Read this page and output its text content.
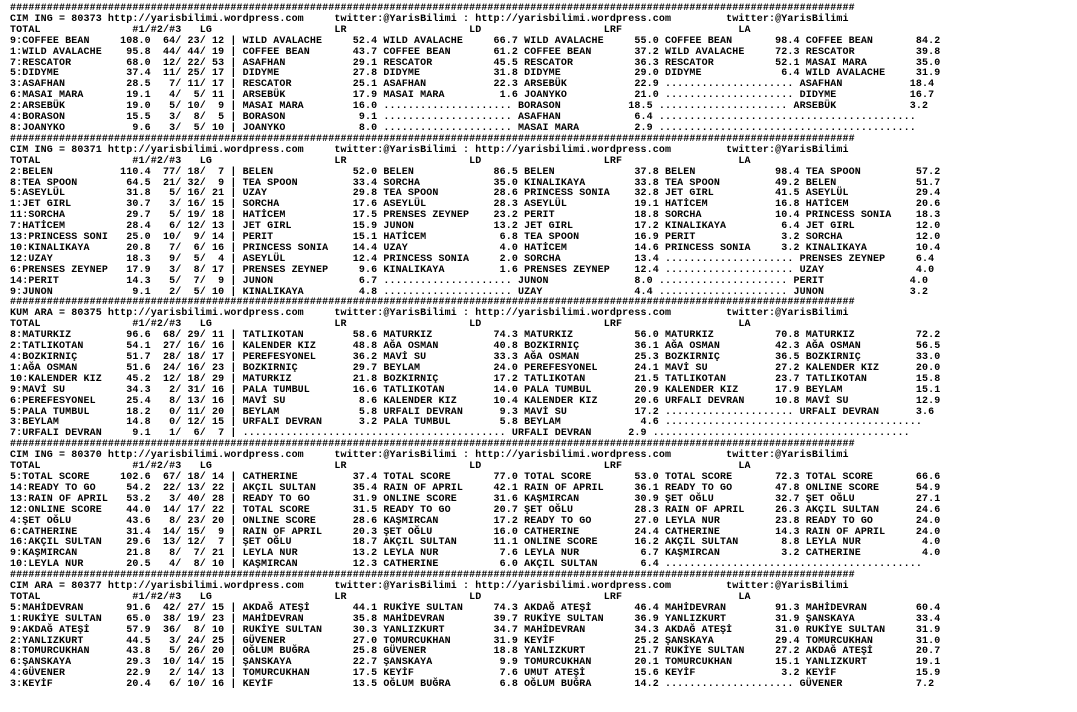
##########################################################################################################################################
CIM ING = 80373 http://yarisbilimi.wordpress.com     twitter:@YarisBilimi : http://yarisbilimi.wordpress.com         twitter:@YarisBilimi
TOTAL               #1/#2/#3   LG                    LR                    LD                    LRF                   LA
9:COFFEE BEAN     108.0  64/ 23/ 12 | WILD AVALACHE     52.4 WILD AVALACHE     66.7 WILD AVALACHE     55.0 COFFEE BEAN       98.4 COFFEE BEAN       84.2
1:WILD AVALACHE    95.8  44/ 44/ 19 | COFFEE BEAN       43.7 COFFEE BEAN       61.2 COFFEE BEAN       37.2 WILD AVALACHE     72.3 RESCATOR          39.8
7:RESCATOR         68.0  12/ 22/ 53 | ASAFHAN           29.1 RESCATOR          45.5 RESCATOR          36.3 RESCATOR          52.1 MASAI MARA        35.0
5:DIDYME           37.4  11/ 25/ 17 | DIDYME            27.8 DIDYME            31.8 DIDYME            29.0 DIDYME             6.4 WILD AVALACHE     31.9
3:ASAFHAN          28.5   7/ 11/ 17 | RESCATOR          25.1 ASAFHAN           22.3 ARSEBÜK           22.9 ..................... ASAFHAN           18.4
6:MASAI MARA       19.1   4/  5/ 11 | ARSEBÜK           17.9 MASAI MARA         1.6 JOANYKO           21.0 ..................... DIDYME            16.7
2:ARSEBÜK          19.0   5/ 10/  9 | MASAI MARA        16.0 ..................... BORASON           18.5 ..................... ARSEBÜK            3.2
4:BORASON          15.5   3/  8/  5 | BORASON            9.1 ..................... ASAFHAN            6.4 ..........................................
8:JOANYKO           9.6   3/  5/ 10 | JOANYKO            8.0 ..................... MASAI MARA         2.9 ..........................................
##########################################################################################################################################
CIM ING = 80371 http://yarisbilimi.wordpress.com     twitter:@YarisBilimi : http://yarisbilimi.wordpress.com         twitter:@YarisBilimi
TOTAL               #1/#2/#3   LG                    LR                    LD                    LRF                   LA
2:BELEN           110.4  77/ 18/  7 | BELEN             52.0 BELEN             86.5 BELEN             37.8 BELEN             98.4 TEA SPOON         57.2
8:TEA SPOON        64.5  21/ 32/  9 | TEA SPOON         33.4 SORCHA            35.0 KINALIKAYA        33.8 TEA SPOON         49.2 BELEN             51.7
5:ASEYLÜL          31.8   5/ 16/ 21 | UZAY              29.8 TEA SPOON         28.6 PRINCESS SONIA    32.8 JET GIRL          41.5 ASEYLÜL           29.4
1:JET GIRL         30.7   3/ 16/ 15 | SORCHA            17.6 ASEYLÜL           28.3 ASEYLÜL           19.1 HATİCEM           16.8 HATİCEM           20.6
11:SORCHA          29.7   5/ 19/ 18 | HATİCEM           17.5 PRENSES ZEYNEP    23.2 PERIT             18.8 SORCHA            10.4 PRINCESS SONIA    18.3
7:HATİCEM          28.4   6/ 12/ 13 | JET GIRL          15.9 JUNON             13.2 JET GIRL          17.2 KINALIKAYA         6.4 JET GIRL          12.0
13:PRINCESS SONI   25.0  10/  9/ 14 | PERIT             15.1 HATİCEM            6.8 TEA SPOON         16.9 PERIT              3.2 SORCHA            12.0
10:KINALIKAYA      20.8   7/  6/ 16 | PRINCESS SONIA    14.4 UZAY               4.0 HATİCEM           14.6 PRINCESS SONIA     3.2 KINALIKAYA        10.4
12:UZAY            18.3   9/  5/  4 | ASEYLÜL           12.4 PRINCESS SONIA     2.0 SORCHA            13.4 ..................... PRENSES ZEYNEP     6.4
6:PRENSES ZEYNEP   17.9   3/  8/ 17 | PRENSES ZEYNEP     9.6 KINALIKAYA         1.6 PRENSES ZEYNEP    12.4 ..................... UZAY               4.0
14:PERIT           14.3   5/  7/  9 | JUNON              6.7 ..................... JUNON              8.0 ..................... PERIT              4.0
9:JUNON             9.1   2/  5/ 10 | KINALIKAYA         4.8 ..................... UZAY               4.4 ..................... JUNON              3.2
##########################################################################################################################################
KUM ARA = 80375 http://yarisbilimi.wordpress.com     twitter:@YarisBilimi : http://yarisbilimi.wordpress.com         twitter:@YarisBilimi
TOTAL               #1/#2/#3   LG                    LR                    LD                    LRF                   LA
8:MATURKIZ         96.6  68/ 29/ 11 | TATLIKOTAN        58.6 MATURKIZ          74.3 MATURKIZ          56.0 MATURKIZ          70.8 MATURKIZ          72.2
2:TATLIKOTAN       54.1  27/ 16/ 16 | KALENDER KIZ      48.8 AĞA OSMAN         40.8 BOZKIRNIÇ         36.1 AĞA OSMAN         42.3 AĞA OSMAN         56.5
4:BOZKIRNIÇ        51.7  28/ 18/ 17 | PEREFESYONEL      36.2 MAVİ SU           33.3 AĞA OSMAN         25.3 BOZKIRNIÇ         36.5 BOZKIRNIÇ         33.0
1:AĞA OSMAN        51.6  24/ 16/ 23 | BOZKIRNIÇ         29.7 BEYLAM            24.0 PEREFESYONEL      24.1 MAVİ SU           27.2 KALENDER KIZ      20.0
10:KALENDER KIZ    45.2  12/ 18/ 29 | MATURKIZ          21.8 BOZKIRNIÇ         17.2 TATLIKOTAN        21.5 TATLIKOTAN        23.7 TATLIKOTAN        15.8
9:MAVİ SU          34.3   2/ 31/ 16 | PALA TUMBUL       16.6 TATLIKOTAN        14.0 PALA TUMBUL       20.9 KALENDER KIZ      17.9 BEYLAM            15.1
6:PEREFESYONEL     25.4   8/ 13/ 16 | MAVİ SU            8.6 KALENDER KIZ      10.4 KALENDER KIZ      20.6 URFALI DEVRAN     10.8 MAVİ SU           12.9
5:PALA TUMBUL      18.2   0/ 11/ 20 | BEYLAM             5.8 URFALI DEVRAN      9.3 MAVİ SU           17.2 ..................... URFALI DEVRAN      3.6
3:BEYLAM           14.8   0/ 12/ 15 | URFALI DEVRAN      3.2 PALA TUMBUL        5.8 BEYLAM             4.6 ..........................................
7:URFALI DEVRAN     9.1   1/  6/  7 | ........................................... URFALI DEVRAN      2.9 ..........................................
##########################################################################################################################################
CIM ING = 80370 http://yarisbilimi.wordpress.com     twitter:@YarisBilimi : http://yarisbilimi.wordpress.com         twitter:@YarisBilimi
TOTAL               #1/#2/#3   LG                    LR                    LD                    LRF                   LA
5:TOTAL SCORE     102.6  67/ 18/ 14 | CATHERINE         37.4 TOTAL SCORE       77.0 TOTAL SCORE       53.0 TOTAL SCORE       72.3 TOTAL SCORE       66.6
14:READY TO GO     54.2  22/ 13/ 22 | AKÇIL SULTAN      35.4 RAIN OF APRIL     42.1 RAIN OF APRIL     36.1 READY TO GO       47.8 ONLINE SCORE      54.9
13:RAIN OF APRIL   53.2   3/ 40/ 28 | READY TO GO       31.9 ONLINE SCORE      31.6 KAŞMIRCAN         30.9 ŞET OĞLU          32.7 ŞET OĞLU          27.1
12:ONLINE SCORE    44.0  14/ 17/ 22 | TOTAL SCORE       31.5 READY TO GO       20.7 ŞET OĞLU          28.3 RAIN OF APRIL     26.3 AKÇIL SULTAN      24.6
4:ŞET OĞLU         43.6   8/ 23/ 20 | ONLINE SCORE      28.6 KAŞMIRCAN         17.2 READY TO GO       27.0 LEYLA NUR         23.8 READY TO GO       24.0
6:CATHERINE        31.4  14/ 15/  9 | RAIN OF APRIL     20.3 ŞET OĞLU          16.0 CATHERINE         24.4 CATHERINE         14.3 RAIN OF APRIL     24.0
16:AKÇIL SULTAN    29.6  13/ 12/  7 | ŞET OĞLU          18.7 AKÇIL SULTAN      11.1 ONLINE SCORE      16.2 AKÇIL SULTAN       8.8 LEYLA NUR          4.0
9:KAŞMIRCAN        21.8   8/  7/ 21 | LEYLA NUR         13.2 LEYLA NUR          7.6 LEYLA NUR          6.7 KAŞMIRCAN          3.2 CATHERINE          4.0
10:LEYLA NUR       20.5   4/  8/ 10 | KAŞMIRCAN         12.3 CATHERINE          6.0 AKÇIL SULTAN       6.4 ..........................................
##########################################################################################################################################
CIM ARA = 80377 http://yarisbilimi.wordpress.com     twitter:@YarisBilimi : http://yarisbilimi.wordpress.com         twitter:@YarisBilimi
TOTAL               #1/#2/#3   LG                    LR                    LD                    LRF                   LA
5:MAHİDEVRAN       91.6  42/ 27/ 15 | AKDAĞ ATEŞİ       44.1 RUKİYE SULTAN     74.3 AKDAĞ ATEŞİ       46.4 MAHİDEVRAN        91.3 MAHİDEVRAN        60.4
1:RUKİYE SULTAN    65.0  38/ 19/ 23 | MAHİDEVRAN        35.8 MAHİDEVRAN        39.7 RUKİYE SULTAN     36.9 YANLIZKURT        31.9 ŞANSKAYA          33.4
9:AKDAĞ ATEŞİ      57.9  36/  8/ 10 | RUKİYE SULTAN     30.3 YANLIZKURT        34.7 MAHİDEVRAN        34.3 AKDAĞ ATEŞİ       31.0 RUKİYE SULTAN     31.9
2:YANLIZKURT       44.5   3/ 24/ 25 | GÜVENER           27.0 TOMURCUKHAN       31.9 KEYİF             25.2 ŞANSKAYA          29.4 TOMURCUKHAN       31.0
8:TOMURCUKHAN      43.8   5/ 26/ 20 | OĞLUM BUĞRA       25.8 GÜVENER           18.8 YANLIZKURT        21.7 RUKİYE SULTAN     27.2 AKDAĞ ATEŞİ       20.7
6:ŞANSKAYA         29.3  10/ 14/ 15 | ŞANSKAYA          22.7 ŞANSKAYA           9.9 TOMURCUKHAN       20.1 TOMURCUKHAN       15.1 YANLIZKURT        19.1
4:GÜVENER          22.9   2/ 14/ 13 | TOMURCUKHAN       17.5 KEYİF              7.6 UMUT ATEŞİ        15.6 KEYİF              3.2 KEYİF             15.9
3:KEYİF            20.4   6/ 10/ 16 | KEYİF             13.5 OĞLUM BUĞRA        6.8 OĞLUM BUĞRA       14.2 ..................... GÜVENER            7.2
